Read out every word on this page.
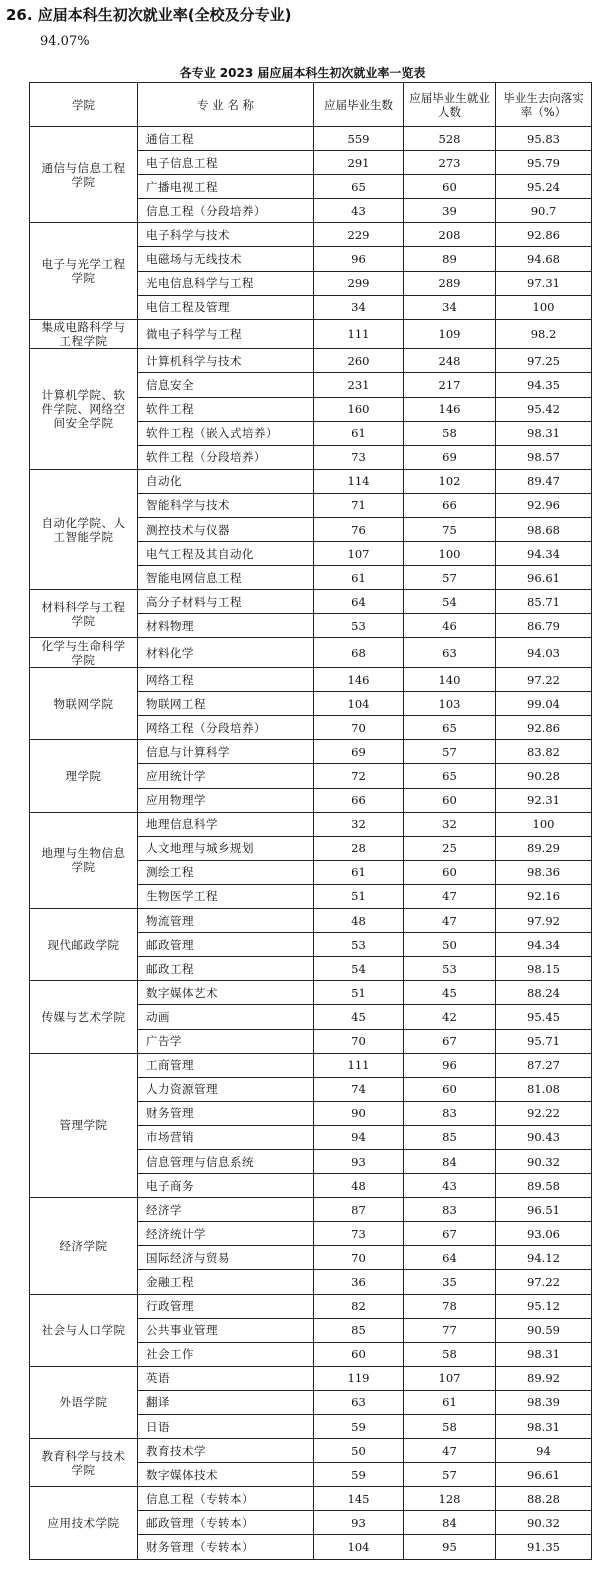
26. 应届本科生初次就业率(全校及分专业)
94.07%
各专业 2023 届应届本科生初次就业率一览表
学院	专 业 名 称	应届毕业生数	应届毕业生就业人数	毕业生去向落实率（%）
通信与信息工程学院	通信工程	559	528	95.83
	电子信息工程	291	273	95.79
	广播电视工程	65	60	95.24
	信息工程（分段培养）	43	39	90.7
电子与光学工程学院	电子科学与技术	229	208	92.86
	电磁场与无线技术	96	89	94.68
	光电信息科学与工程	299	289	97.31
	电信工程及管理	34	34	100
集成电路科学与工程学院	微电子科学与工程	111	109	98.2
计算机学院、软件学院、网络空间安全学院	计算机科学与技术	260	248	97.25
	信息安全	231	217	94.35
	软件工程	160	146	95.42
	软件工程（嵌入式培养）	61	58	98.31
	软件工程（分段培养）	73	69	98.57
自动化学院、人工智能学院	自动化	114	102	89.47
	智能科学与技术	71	66	92.96
	测控技术与仪器	76	75	98.68
	电气工程及其自动化	107	100	94.34
	智能电网信息工程	61	57	96.61
材料科学与工程学院	高分子材料与工程	64	54	85.71
	材料物理	53	46	86.79
化学与生命科学学院	材料化学	68	63	94.03
物联网学院	网络工程	146	140	97.22
	物联网工程	104	103	99.04
	网络工程（分段培养）	70	65	92.86
理学院	信息与计算科学	69	57	83.82
	应用统计学	72	65	90.28
	应用物理学	66	60	92.31
地理与生物信息学院	地理信息科学	32	32	100
	人文地理与城乡规划	28	25	89.29
	测绘工程	61	60	98.36
	生物医学工程	51	47	92.16
现代邮政学院	物流管理	48	47	97.92
	邮政管理	53	50	94.34
	邮政工程	54	53	98.15
传媒与艺术学院	数字媒体艺术	51	45	88.24
	动画	45	42	95.45
	广告学	70	67	95.71
管理学院	工商管理	111	96	87.27
	人力资源管理	74	60	81.08
	财务管理	90	83	92.22
	市场营销	94	85	90.43
	信息管理与信息系统	93	84	90.32
	电子商务	48	43	89.58
经济学院	经济学	87	83	96.51
	经济统计学	73	67	93.06
	国际经济与贸易	70	64	94.12
	金融工程	36	35	97.22
社会与人口学院	行政管理	82	78	95.12
	公共事业管理	85	77	90.59
	社会工作	60	58	98.31
外语学院	英语	119	107	89.92
	翻译	63	61	98.39
	日语	59	58	98.31
教育科学与技术学院	教育技术学	50	47	94
	数字媒体技术	59	57	96.61
应用技术学院	信息工程（专转本）	145	128	88.28
	邮政管理（专转本）	93	84	90.32
	财务管理（专转本）	104	95	91.35
